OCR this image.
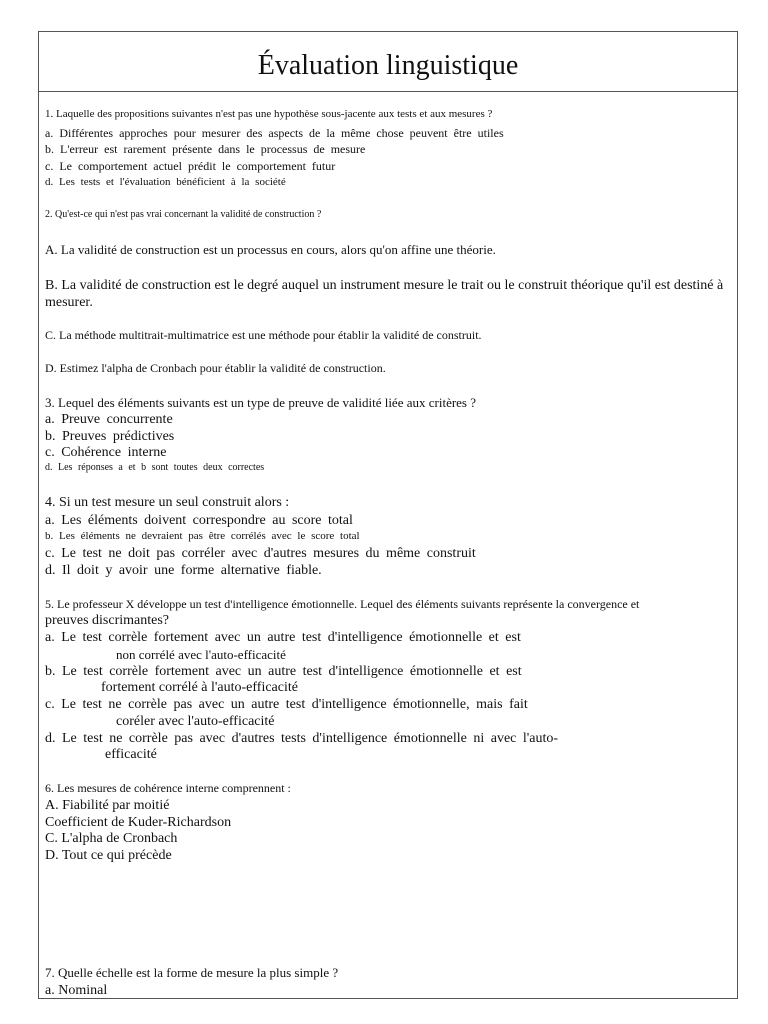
Évaluation linguistique

1. Laquelle des propositions suivantes n'est pas une hypothèse sous-jacente aux tests et aux mesures ?

a. Différentes approches pour mesurer des aspects de la même chose peuvent être utiles

b. L'erreur est rarement présente dans le processus de mesure

c. Le comportement actuel prédit le comportement futur

d. Les tests et l'évaluation bénéficient à la société

2. Qu'est-ce qui n'est pas vrai concernant la validité de construction ?

A. La validité de construction est un processus en cours, alors qu'on affine une théorie.

B. La validité de construction est le degré auquel un instrument mesure le trait ou le construit théorique qu'il est destiné à mesurer.

C. La méthode multitrait-multimatrice est une méthode pour établir la validité de construit.

D. Estimez l'alpha de Cronbach pour établir la validité de construction.

3. Lequel des éléments suivants est un type de preuve de validité liée aux critères ?

a. Preuve concurrente

b. Preuves prédictives

c. Cohérence interne

d. Les réponses a et b sont toutes deux correctes

4. Si un test mesure un seul construit alors :

a. Les éléments doivent correspondre au score total

b. Les éléments ne devraient pas être corrélés avec le score total

c. Le test ne doit pas corréler avec d'autres mesures du même construit

d. Il doit y avoir une forme alternative fiable.

5. Le professeur X développe un test d'intelligence émotionnelle. Lequel des éléments suivants représente la convergence et

preuves discrimantes?

a. Le test corrèle fortement avec un autre test d'intelligence émotionnelle et est

non corrélé avec l'auto-efficacité

b. Le test corrèle fortement avec un autre test d'intelligence émotionnelle et est

fortement corrélé à l'auto-efficacité

c. Le test ne corrèle pas avec un autre test d'intelligence émotionnelle, mais fait

coréler avec l'auto-efficacité

d. Le test ne corrèle pas avec d'autres tests d'intelligence émotionnelle ni avec l'auto-

efficacité

6. Les mesures de cohérence interne comprennent :

A. Fiabilité par moitié

Coefficient de Kuder-Richardson

C. L'alpha de Cronbach

D. Tout ce qui précède

7. Quelle échelle est la forme de mesure la plus simple ?

a. Nominal
